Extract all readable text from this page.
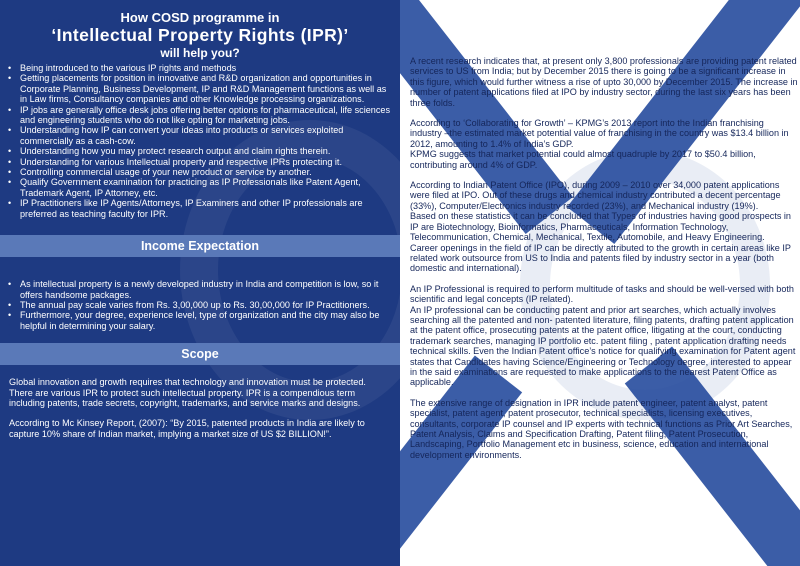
How COSD programme in
‘Intellectual Property Rights (IPR)’
will help you?
• Being introduced to the various IP rights and methods
• Getting placements for position in innovative and R&D organization and opportunities in Corporate Planning, Business Development, IP and R&D Management functions as well as in Law firms, Consultancy companies and other Knowledge processing organizations.
• IP jobs are generally office desk jobs offering better options for pharmaceutical, life sciences and engineering students who do not like opting for marketing jobs.
• Understanding how IP can convert your ideas into products or services exploited commercially as a cash-cow.
• Understanding how you may protect research output and claim rights therein.
• Understanding for various Intellectual property and respective IPRs protecting it.
• Controlling commercial usage of your new product or service by another.
• Qualify Government examination for practicing as IP Professionals like Patent Agent, Trademark Agent, IP Attorney, etc.
• IP Practitioners like IP Agents/Attorneys, IP Examiners and other IP professionals are preferred as teaching faculty for IPR.
Income Expectation
• As intellectual property is a newly developed industry in India and competition is low, so it offers handsome packages.
• The annual pay scale varies from Rs. 3,00,000 up to Rs. 30,00,000 for IP Practitioners.
• Furthermore, your degree, experience level, type of organization and the city may also be helpful in determining your salary.
Scope

Global innovation and growth requires that technology and innovation must be protected. There are various IPR to protect such intellectual property. IPR is a compendious term including patents, trade secrets, copyright, trademarks, and service marks and designs.

According to Mc Kinsey Report, (2007): “By 2015, patented products in India are likely to capture 10% share of Indian market, implying a market size of US $2 BILLION!”.

A recent research indicates that, at present only 3,800 professionals are providing patent related services to US from India; but by December 2015 there is going to be a significant increase in this figure, which would further witness a rise of upto 30,000 by December 2015. The increase in number of patent applications filed at IPO by industry sector, during the last six years has been three folds.

According to ‘Collaborating for Growth’ – KPMG’s 2013 report into the Indian franchising industry –the estimated market potential value of franchising in the country was $13.4 billion in 2012, amounting to 1.4% of India’s GDP.

KPMG suggests that market potential could almost quadruple by 2017 to $50.4 billion, contributing around 4% of GDP.

According to Indian Patent Office (IPO), during 2009 – 2010 over 34,000 patent applications were filed at IPO. Out of these drugs and chemical industry contributed a decent percentage (33%), Computer/Electronics industry recorded (23%), and Mechanical industry (19%).

Based on these statistics it can be concluded that Types of industries having good prospects in IP are Biotechnology, Bioinformatics, Pharmaceuticals, Information Technology, Telecommunication, Chemical, Mechanical, Textile, Automobile, and Heavy Engineering.

Career openings in the field of IP can be directly attributed to the growth in certain areas like IP related work outsource from US to India and patents filed by industry sector in a year (both domestic and international).

An IP Professional is required to perform multitude of tasks and should be well-versed with both scientific and legal concepts (IP related).

An IP professional can be conducting patent and prior art searches, which actually involves searching all the patented and non- patented literature, filing patents, drafting patent application at the patent office, prosecuting patents at the patent office, litigating at the court, conducting trademark searches, managing IP portfolio etc. patent filing , patent application drafting needs technical skills. Even the Indian Patent office’s notice for qualifying examination for Patent agent states that Candidates having Science/Engineering or Technology degree, interested to appear in the said examinations are requested to make applications to the nearest Patent Office as applicable.

The extensive range of designation in IPR include patent engineer, patent analyst, patent specialist, patent agent, patent prosecutor, technical specialists, licensing executives, consultants, corporate IP counsel and IP experts with technical functions as Prior Art Searches, Patent Analysis, Claims and Specification Drafting, Patent filing, Patent Prosecution, Landscaping, Portfolio Management etc in business, science, education and international development environments.
